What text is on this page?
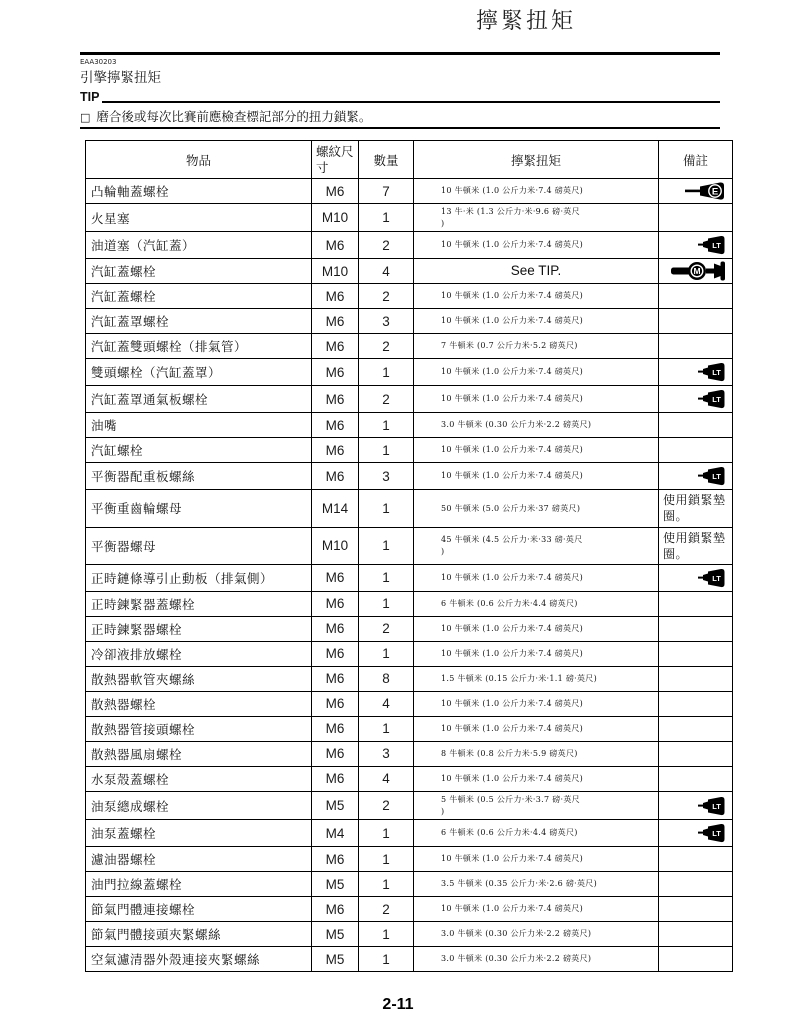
擰緊扭矩
EAA30203
引擎擰緊扭矩
TIP
□ 磨合後或每次比賽前應檢查標記部分的扭力鎖緊。
物品	螺紋尺寸	數量	擰緊扭矩	備註
凸輪軸蓋螺栓	M6	7	10 牛頓米 (1.0 公斤力米·7.4 磅英尺)	E

火星塞	M10	1	13 牛·米 (1.3 公斤力·米·9.6 磅·英尺
)	
油道塞（汽缸蓋）	M6	2	10 牛頓米 (1.0 公斤力米·7.4 磅英尺)	LT

汽缸蓋螺栓	M10	4	See TIP.	M

汽缸蓋螺栓	M6	2	10 牛頓米 (1.0 公斤力米·7.4 磅英尺)	
汽缸蓋罩螺栓	M6	3	10 牛頓米 (1.0 公斤力米·7.4 磅英尺)	
汽缸蓋雙頭螺栓（排氣管）	M6	2	7 牛頓米 (0.7 公斤力米·5.2 磅英尺)	
雙頭螺栓（汽缸蓋罩）	M6	1	10 牛頓米 (1.0 公斤力米·7.4 磅英尺)	LT

汽缸蓋罩通氣板螺栓	M6	2	10 牛頓米 (1.0 公斤力米·7.4 磅英尺)	LT

油嘴	M6	1	3.0 牛頓米 (0.30 公斤力米·2.2 磅英尺)	
汽缸螺栓	M6	1	10 牛頓米 (1.0 公斤力米·7.4 磅英尺)	
平衡器配重板螺絲	M6	3	10 牛頓米 (1.0 公斤力米·7.4 磅英尺)	LT

平衡重齒輪螺母	M14	1	50 牛頓米 (5.0 公斤力米·37 磅英尺)	使用鎖緊墊圈。

平衡器螺母	M10	1	45 牛頓米 (4.5 公斤力·米·33 磅·英尺
)	使用鎖緊墊圈。

正時鏈條導引止動板（排氣側）	M6	1	10 牛頓米 (1.0 公斤力米·7.4 磅英尺)	LT

正時鍊緊器蓋螺栓	M6	1	6 牛頓米 (0.6 公斤力米·4.4 磅英尺)	
正時鍊緊器螺栓	M6	2	10 牛頓米 (1.0 公斤力米·7.4 磅英尺)	
冷卻液排放螺栓	M6	1	10 牛頓米 (1.0 公斤力米·7.4 磅英尺)	
散熱器軟管夾螺絲	M6	8	1.5 牛頓米 (0.15 公斤力·米·1.1 磅·英尺)	
散熱器螺栓	M6	4	10 牛頓米 (1.0 公斤力米·7.4 磅英尺)	
散熱器管接頭螺栓	M6	1	10 牛頓米 (1.0 公斤力米·7.4 磅英尺)	
散熱器風扇螺栓	M6	3	8 牛頓米 (0.8 公斤力米·5.9 磅英尺)	
水泵殼蓋螺栓	M6	4	10 牛頓米 (1.0 公斤力米·7.4 磅英尺)	
油泵總成螺栓	M5	2	5 牛頓米 (0.5 公斤力·米·3.7 磅·英尺
)	LT

油泵蓋螺栓	M4	1	6 牛頓米 (0.6 公斤力米·4.4 磅英尺)	LT

濾油器螺栓	M6	1	10 牛頓米 (1.0 公斤力米·7.4 磅英尺)	
油門拉線蓋螺栓	M5	1	3.5 牛頓米 (0.35 公斤力·米·2.6 磅·英尺)	
節氣門體連接螺栓	M6	2	10 牛頓米 (1.0 公斤力米·7.4 磅英尺)	
節氣門體接頭夾緊螺絲	M5	1	3.0 牛頓米 (0.30 公斤力米·2.2 磅英尺)	
空氣濾清器外殼連接夾緊螺絲	M5	1	3.0 牛頓米 (0.30 公斤力米·2.2 磅英尺)	
2-11
